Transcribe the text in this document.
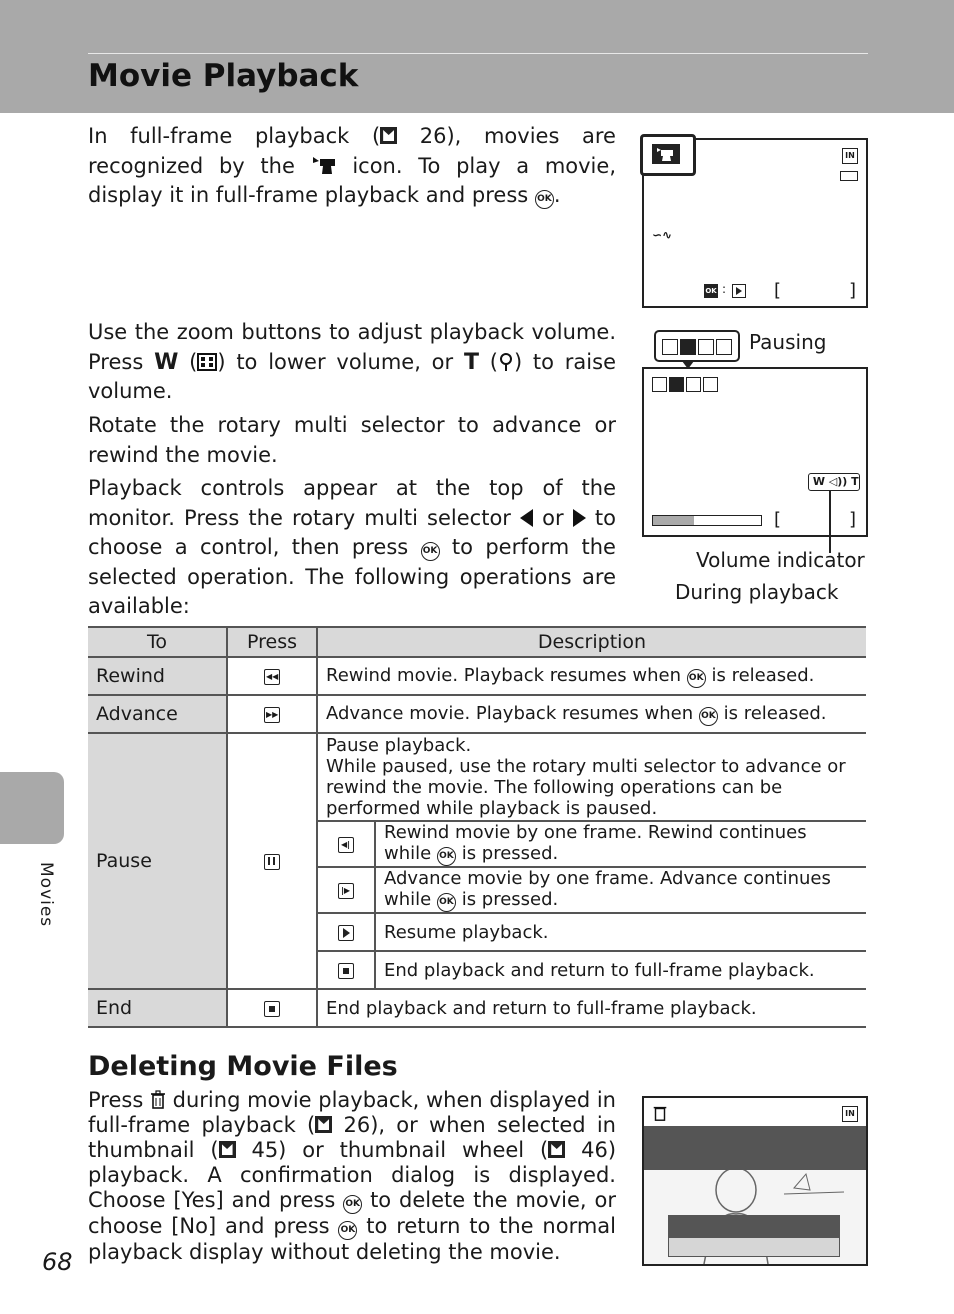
Movie Playback
In full-frame playback ( 26), movies are recognized by the	icon. To play a movie, display it in full-frame playback and press OK .
IN
∽∿
OK :	[	]
Use the zoom buttons to adjust playback volume. Press W ( ) to lower volume, or T ( ) to raise volume.
Rotate the rotary multi selector to advance or rewind the movie.
Playback controls appear at the top of the monitor. Press the rotary multi selector or to choose a control, then press OK to perform the selected operation. The following operations are available:
Pausing
W ◁)) T
[	]
Volume indicator
During playback
To	Press	Description	
Rewind	◀◀	Rewind movie. Playback resumes when OK is released.	
Advance	▶▶	Advance movie. Playback resumes when OK is released.	
Pause		Pause playback.
While paused, use the rotary multi selector to advance or rewind the movie. The following operations can be performed while playback is paused.	

		◀|	Rewind movie by one frame. Rewind continues while OK is pressed.

		|▶	Advance movie by one frame. Advance continues while OK is pressed.

			Resume playback.

			End playback and return to full-frame playback.
End		End playback and return to full-frame playback.	
Movies
Deleting Movie Files
Press during movie playback, when displayed in full-frame playback ( 26), or when selected in thumbnail ( 45) or thumbnail wheel ( 46) playback. A confirmation dialog is displayed. Choose [Yes] and press OK to delete the movie, or choose [No] and press OK to return to the normal playback display without deleting the movie.
IN
68
